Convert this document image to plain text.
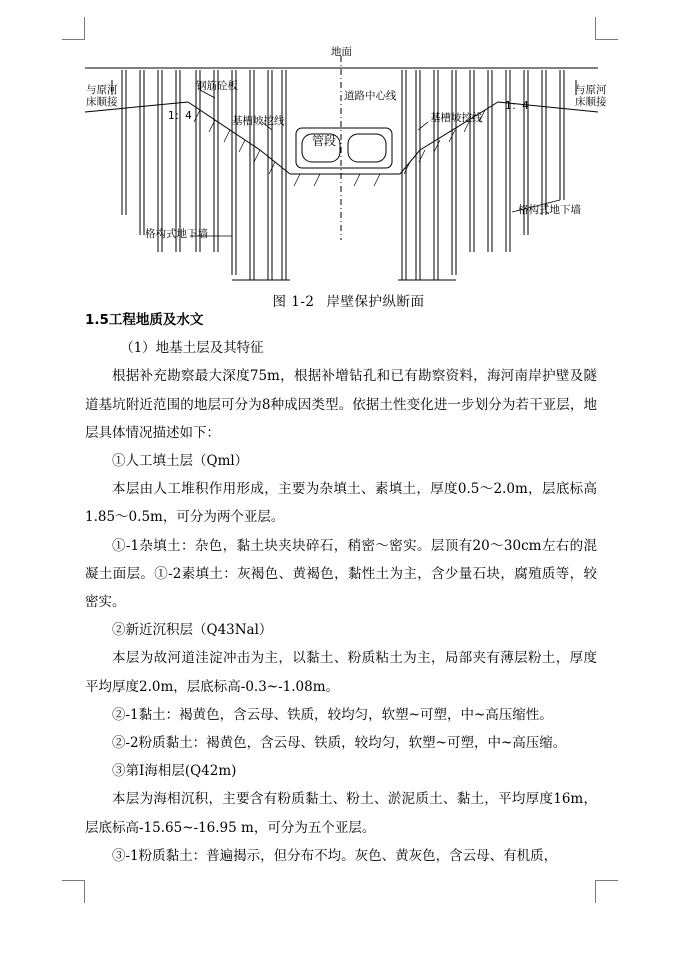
地面
与原河床顺接
与原河床顺接
钢筋砼板
1：4
1：4
道路中心线
基槽坡挖线	基槽坡挖线
管段
格构式地下墙
格构式地下墙
图 1-2 岸壁保护纵断面

1.5工程地质及水文

（1）地基土层及其特征

根据补充勘察最大深度75m，根据补增钻孔和已有勘察资料，海河南岸护壁及隧道基坑附近范围的地层可分为8种成因类型。依据土性变化进一步划分为若干亚层，地层具体情况描述如下：

①人工填土层（Qml）

本层由人工堆积作用形成，主要为杂填土、素填土，厚度0.5～2.0m，层底标高1.85～0.5m，可分为两个亚层。

①-1杂填土：杂色，黏土块夹块碎石，稍密～密实。层顶有20～30cm左右的混凝土面层。①-2素填土：灰褐色、黄褐色，黏性土为主，含少量石块，腐殖质等，较密实。

②新近沉积层（Q43Nal）

本层为故河道洼淀冲击为主，以黏土、粉质粘土为主，局部夹有薄层粉土，厚度平均厚度2.0m，层底标高-0.3~-1.08m。

②-1黏土：褐黄色，含云母、铁质，较均匀，软塑~可塑，中~高压缩性。

②-2粉质黏土：褐黄色，含云母、铁质，较均匀，软塑~可塑，中~高压缩。

③第Ⅰ海相层(Q42m)

本层为海相沉积，主要含有粉质黏土、粉土、淤泥质土、黏土，平均厚度16m，层底标高-15.65~-16.95 m，可分为五个亚层。

③-1粉质黏土：普遍揭示，但分布不均。灰色、黄灰色，含云母、有机质，
